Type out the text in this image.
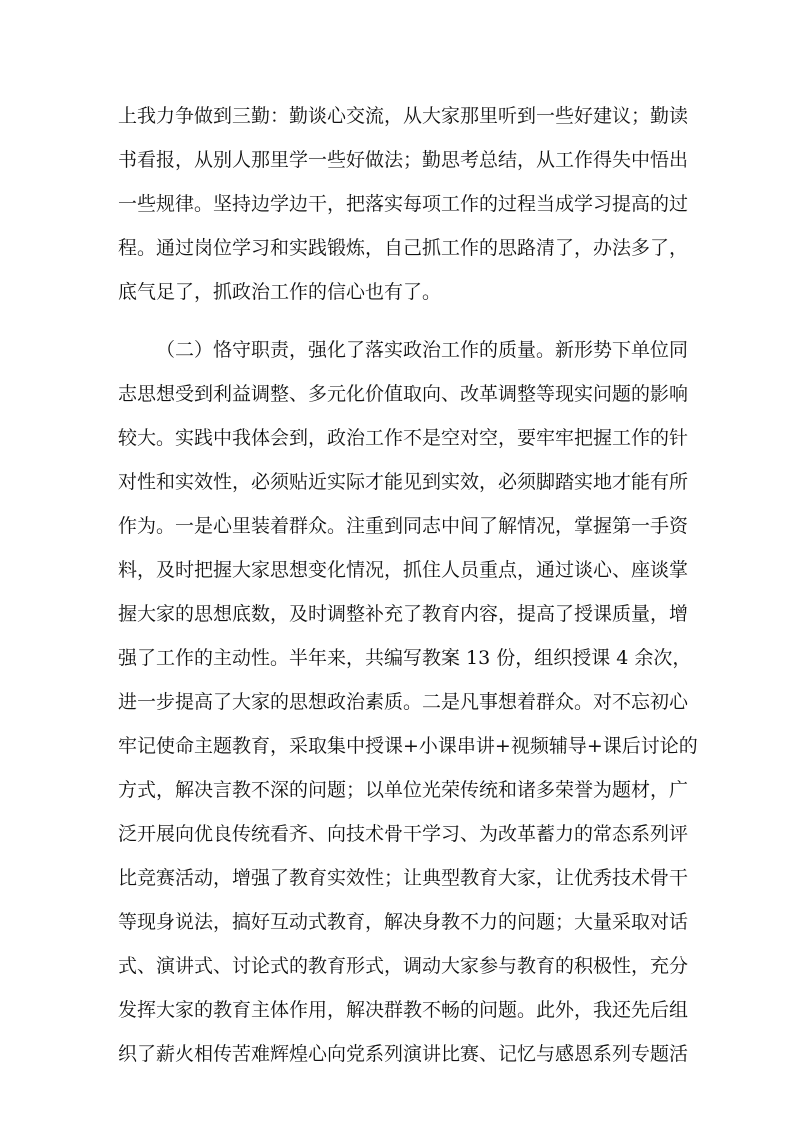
上我力争做到三勤：勤谈心交流，从大家那里听到一些好建议；勤读
书看报，从别人那里学一些好做法；勤思考总结，从工作得失中悟出
一些规律。坚持边学边干，把落实每项工作的过程当成学习提高的过
程。通过岗位学习和实践锻炼，自己抓工作的思路清了，办法多了，
底气足了，抓政治工作的信心也有了。
（二）恪守职责，强化了落实政治工作的质量。新形势下单位同
志思想受到利益调整、多元化价值取向、改革调整等现实问题的影响
较大。实践中我体会到，政治工作不是空对空，要牢牢把握工作的针
对性和实效性，必须贴近实际才能见到实效，必须脚踏实地才能有所
作为。一是心里装着群众。注重到同志中间了解情况，掌握第一手资
料，及时把握大家思想变化情况，抓住人员重点，通过谈心、座谈掌
握大家的思想底数，及时调整补充了教育内容，提高了授课质量，增
强了工作的主动性。半年来，共编写教案 13 份，组织授课 4 余次，
进一步提高了大家的思想政治素质。二是凡事想着群众。对不忘初心
牢记使命主题教育，采取集中授课+小课串讲+视频辅导+课后讨论的
方式，解决言教不深的问题；以单位光荣传统和诸多荣誉为题材，广
泛开展向优良传统看齐、向技术骨干学习、为改革蓄力的常态系列评
比竞赛活动，增强了教育实效性；让典型教育大家，让优秀技术骨干
等现身说法，搞好互动式教育，解决身教不力的问题；大量采取对话
式、演讲式、讨论式的教育形式，调动大家参与教育的积极性，充分
发挥大家的教育主体作用，解决群教不畅的问题。此外，我还先后组
织了薪火相传苦难辉煌心向党系列演讲比赛、记忆与感恩系列专题活
